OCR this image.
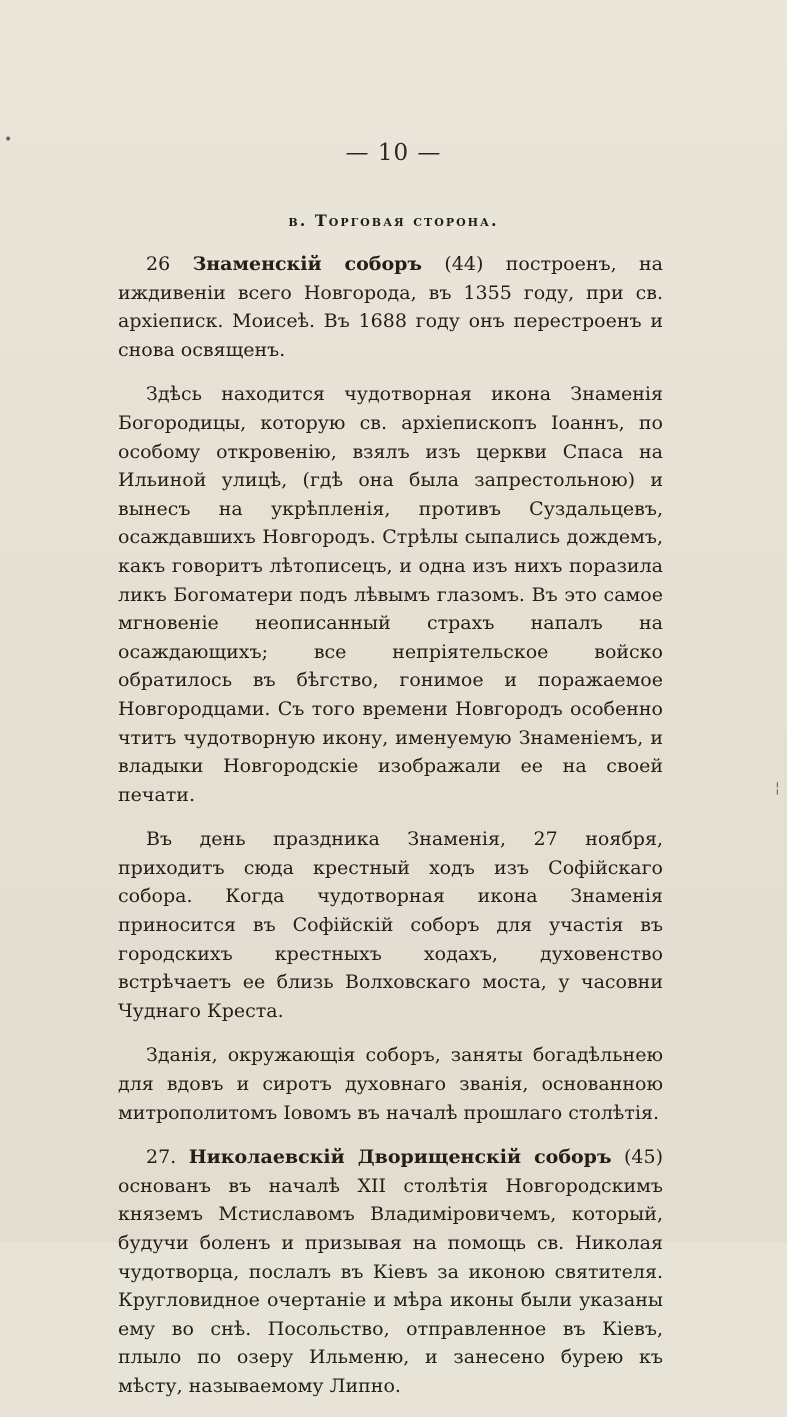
— 10 —
в. Торговая сторона.

26 Знаменскій соборъ (44) построенъ, на иждивеніи всего Новгорода, въ 1355 году, при св. архіеписк. Моисеѣ. Въ 1688 году онъ перестроенъ и снова освященъ.

Здѣсь находится чудотворная икона Знаменія Богородицы, которую св. архіепископъ Іоаннъ, по особому откровенію, взялъ изъ церкви Спаса на Ильиной улицѣ, (гдѣ она была запрестольною) и вынесъ на укрѣпленія, противъ Суздальцевъ, осаждавшихъ Новгородъ. Стрѣлы сыпались дождемъ, какъ говоритъ лѣтописецъ, и одна изъ нихъ поразила ликъ Богоматери подъ лѣвымъ глазомъ. Въ это самое мгновеніе неописанный страхъ напалъ на осаждающихъ; все непріятельское войско обратилось въ бѣгство, гонимое и поражаемое Новгородцами. Съ того времени Новгородъ особенно чтитъ чудотворную икону, именуемую Знаменіемъ, и владыки Новгородскіе изображали ее на своей печати.

Въ день праздника Знаменія, 27 ноября, приходитъ сюда крестный ходъ изъ Софійскаго собора. Когда чудотворная икона Знаменія приносится въ Софійскій соборъ для участія въ городскихъ крестныхъ ходахъ, духовенство встрѣчаетъ ее близь Волховскаго моста, у часовни Чуднаго Креста.

Зданія, окружающія соборъ, заняты богадѣльнею для вдовъ и сиротъ духовнаго званія, основанною митрополитомъ Іовомъ въ началѣ прошлаго столѣтія.

27. Николаевскій Дворищенскій соборъ (45) основанъ въ началѣ XII столѣтія Новгородскимъ княземъ Мстиславомъ Владиміровичемъ, который, будучи боленъ и призывая на помощь св. Николая чудотворца, послалъ въ Кіевъ за иконою святителя. Кругловидное очертаніе и мѣра иконы были указаны ему во снѣ. Посольство, отправленное въ Кіевъ, плыло по озеру Ильменю, и занесено бурею къ мѣсту, называемому Липно.

•
¦
